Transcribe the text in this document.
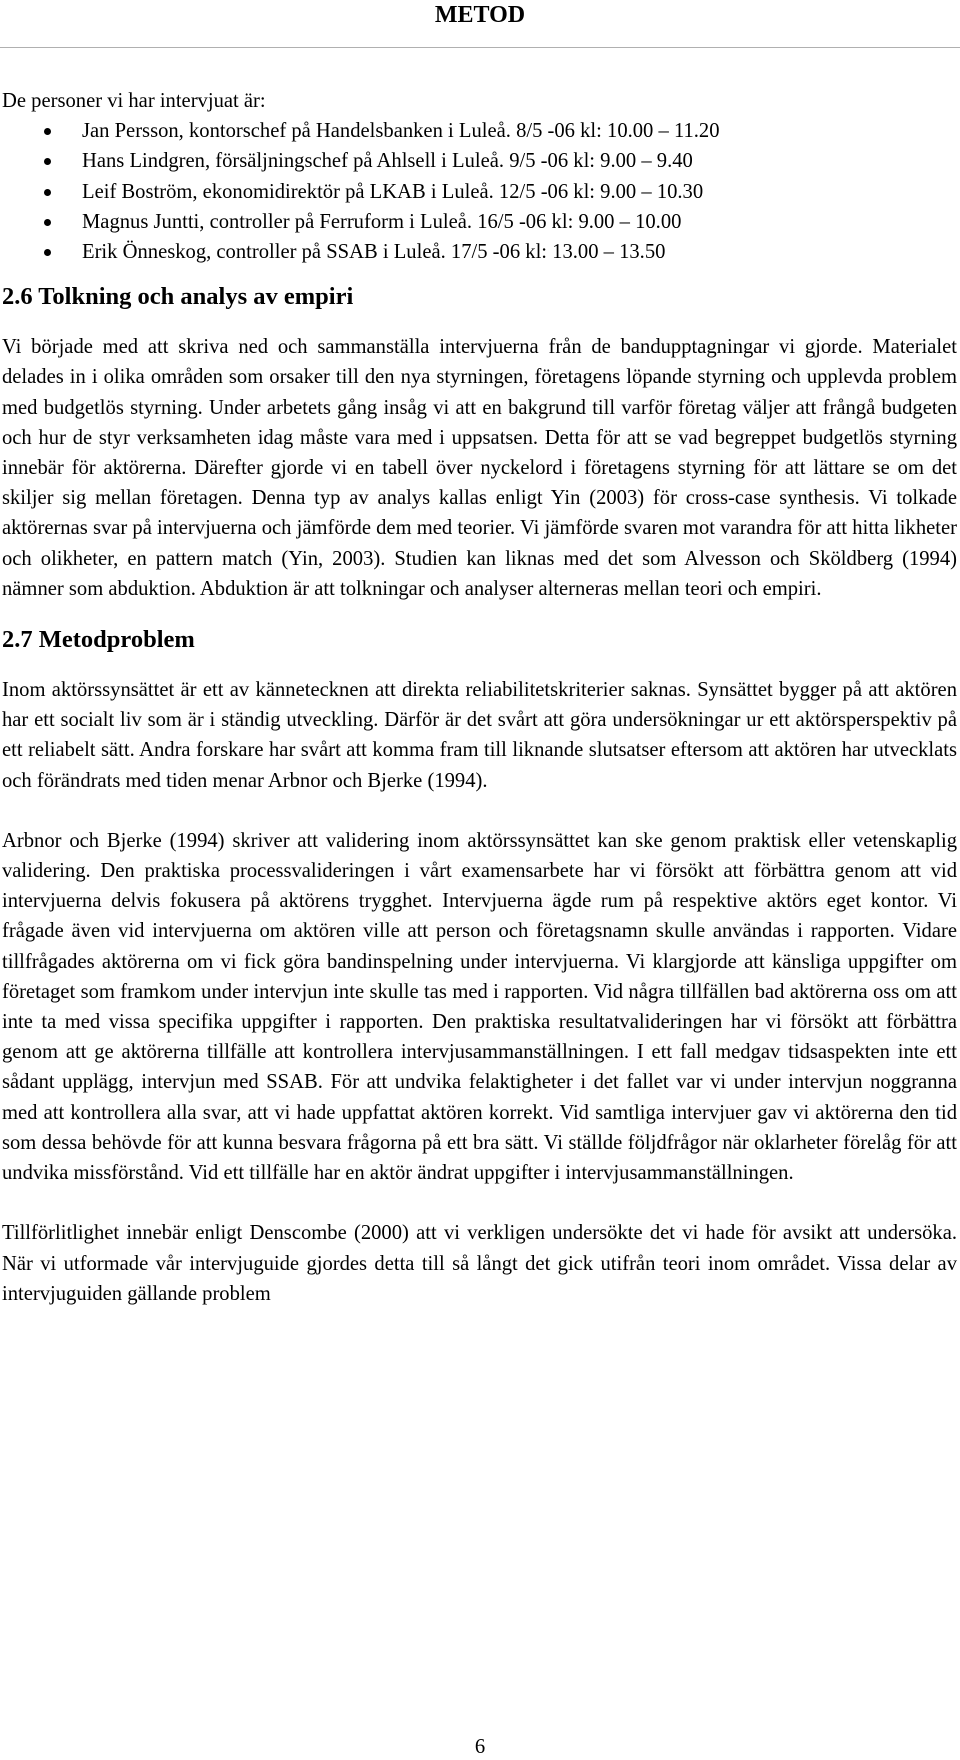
METOD

De personer vi har intervjuat är:

Jan Persson, kontorschef på Handelsbanken i Luleå. 8/5 -06 kl: 10.00 – 11.20
Hans Lindgren, försäljningschef på Ahlsell i Luleå. 9/5 -06 kl: 9.00 – 9.40
Leif Boström, ekonomidirektör på LKAB i Luleå. 12/5 -06 kl: 9.00 – 10.30
Magnus Juntti, controller på Ferruform i Luleå. 16/5 -06 kl: 9.00 – 10.00
Erik Önneskog, controller på SSAB i Luleå. 17/5 -06 kl: 13.00 – 13.50
2.6 Tolkning och analys av empiri

Vi började med att skriva ned och sammanställa intervjuerna från de bandupptagningar vi gjorde. Materialet delades in i olika områden som orsaker till den nya styrningen, företagens löpande styrning och upplevda problem med budgetlös styrning. Under arbetets gång insåg vi att en bakgrund till varför företag väljer att frångå budgeten och hur de styr verksamheten idag måste vara med i uppsatsen. Detta för att se vad begreppet budgetlös styrning innebär för aktörerna. Därefter gjorde vi en tabell över nyckelord i företagens styrning för att lättare se om det skiljer sig mellan företagen. Denna typ av analys kallas enligt Yin (2003) för cross-case synthesis. Vi tolkade aktörernas svar på intervjuerna och jämförde dem med teorier. Vi jämförde svaren mot varandra för att hitta likheter och olikheter, en pattern match (Yin, 2003). Studien kan liknas med det som Alvesson och Sköldberg (1994) nämner som abduktion. Abduktion är att tolkningar och analyser alterneras mellan teori och empiri.

2.7 Metodproblem

Inom aktörssynsättet är ett av kännetecknen att direkta reliabilitetskriterier saknas. Synsättet bygger på att aktören har ett socialt liv som är i ständig utveckling. Därför är det svårt att göra undersökningar ur ett aktörsperspektiv på ett reliabelt sätt. Andra forskare har svårt att komma fram till liknande slutsatser eftersom att aktören har utvecklats och förändrats med tiden menar Arbnor och Bjerke (1994).

Arbnor och Bjerke (1994) skriver att validering inom aktörssynsättet kan ske genom praktisk eller vetenskaplig validering. Den praktiska processvalideringen i vårt examensarbete har vi försökt att förbättra genom att vid intervjuerna delvis fokusera på aktörens trygghet. Intervjuerna ägde rum på respektive aktörs eget kontor. Vi frågade även vid intervjuerna om aktören ville att person och företagsnamn skulle användas i rapporten. Vidare tillfrågades aktörerna om vi fick göra bandinspelning under intervjuerna. Vi klargjorde att känsliga uppgifter om företaget som framkom under intervjun inte skulle tas med i rapporten. Vid några tillfällen bad aktörerna oss om att inte ta med vissa specifika uppgifter i rapporten. Den praktiska resultatvalideringen har vi försökt att förbättra genom att ge aktörerna tillfälle att kontrollera intervjusammanställningen. I ett fall medgav tidsaspekten inte ett sådant upplägg, intervjun med SSAB. För att undvika felaktigheter i det fallet var vi under intervjun noggranna med att kontrollera alla svar, att vi hade uppfattat aktören korrekt. Vid samtliga intervjuer gav vi aktörerna den tid som dessa behövde för att kunna besvara frågorna på ett bra sätt. Vi ställde följdfrågor när oklarheter förelåg för att undvika missförstånd. Vid ett tillfälle har en aktör ändrat uppgifter i intervjusammanställningen.

Tillförlitlighet innebär enligt Denscombe (2000) att vi verkligen undersökte det vi hade för avsikt att undersöka. När vi utformade vår intervjuguide gjordes detta till så långt det gick utifrån teori inom området. Vissa delar av intervjuguiden gällande problem

6
